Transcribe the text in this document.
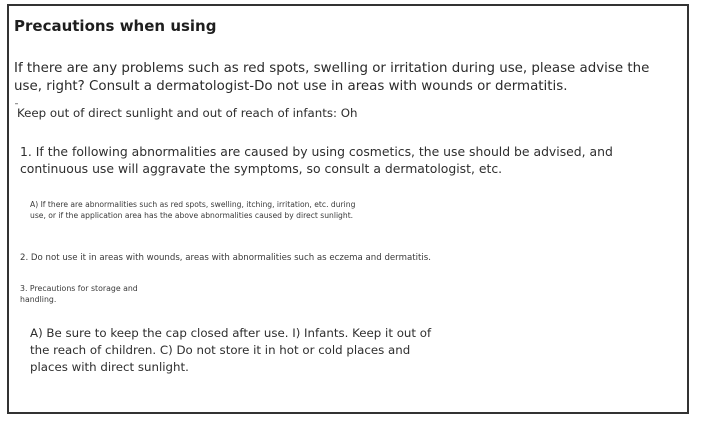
Precautions when using
If there are any problems such as red spots, swelling or irritation during use, please advise the
use, right? Consult a dermatologist-Do not use in areas with wounds or dermatitis.
ˉ
Keep out of direct sunlight and out of reach of infants: Oh
1. If the following abnormalities are caused by using cosmetics, the use should be advised, and
continuous use will aggravate the symptoms, so consult a dermatologist, etc.
A) If there are abnormalities such as red spots, swelling, itching, irritation, etc. during
use, or if the application area has the above abnormalities caused by direct sunlight.
2. Do not use it in areas with wounds, areas with abnormalities such as eczema and dermatitis.
3. Precautions for storage and
handling.
A) Be sure to keep the cap closed after use. I) Infants. Keep it out of
the reach of children. C) Do not store it in hot or cold places and
places with direct sunlight.
